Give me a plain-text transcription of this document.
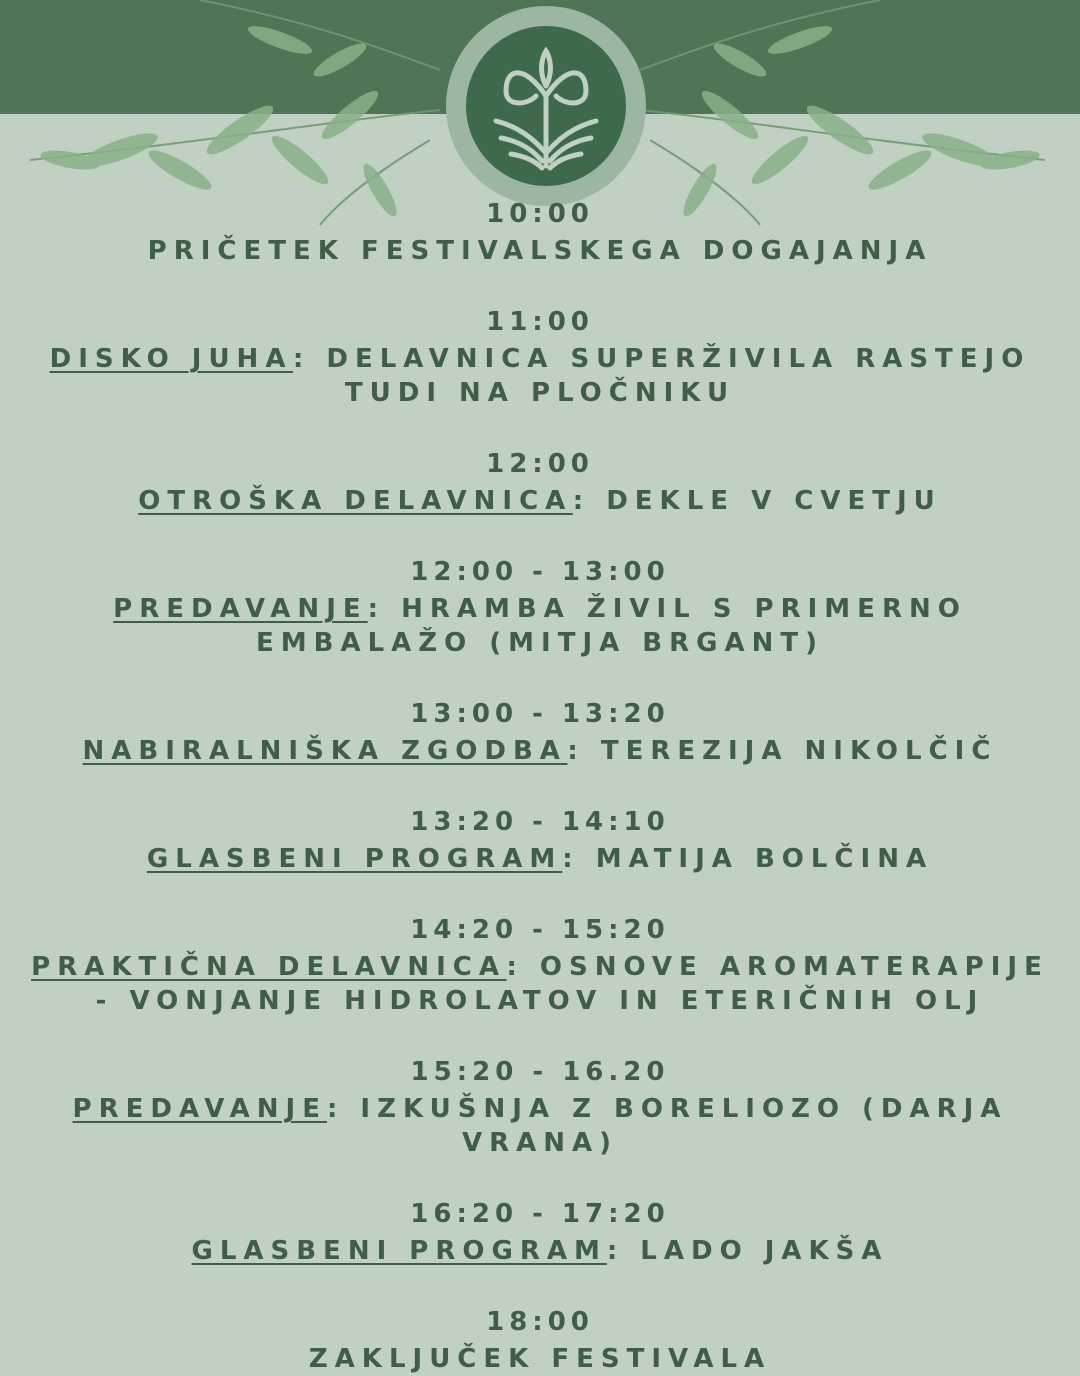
10:00
PRIČETEK FESTIVALSKEGA DOGAJANJA
11:00
DISKO JUHA: DELAVNICA SUPERŽIVILA RASTEJO TUDI NA PLOČNIKU
12:00
OTROŠKA DELAVNICA: DEKLE V CVETJU
12:00 - 13:00
PREDAVANJE: HRAMBA ŽIVIL S PRIMERNO EMBALAŽO (MITJA BRGANT)
13:00 - 13:20
NABIRALNIŠKA ZGODBA: TEREZIJA NIKOLČIČ
13:20 - 14:10
GLASBENI PROGRAM: MATIJA BOLČINA
14:20 - 15:20
PRAKTIČNA DELAVNICA: OSNOVE AROMATERAPIJE - VONJANJE HIDROLATOV IN ETERIČNIH OLJ
15:20 - 16.20
PREDAVANJE: IZKUŠNJA Z BORELIOZO (DARJA VRANA)
16:20 - 17:20
GLASBENI PROGRAM: LADO JAKŠA
18:00
ZAKLJUČEK FESTIVALA
